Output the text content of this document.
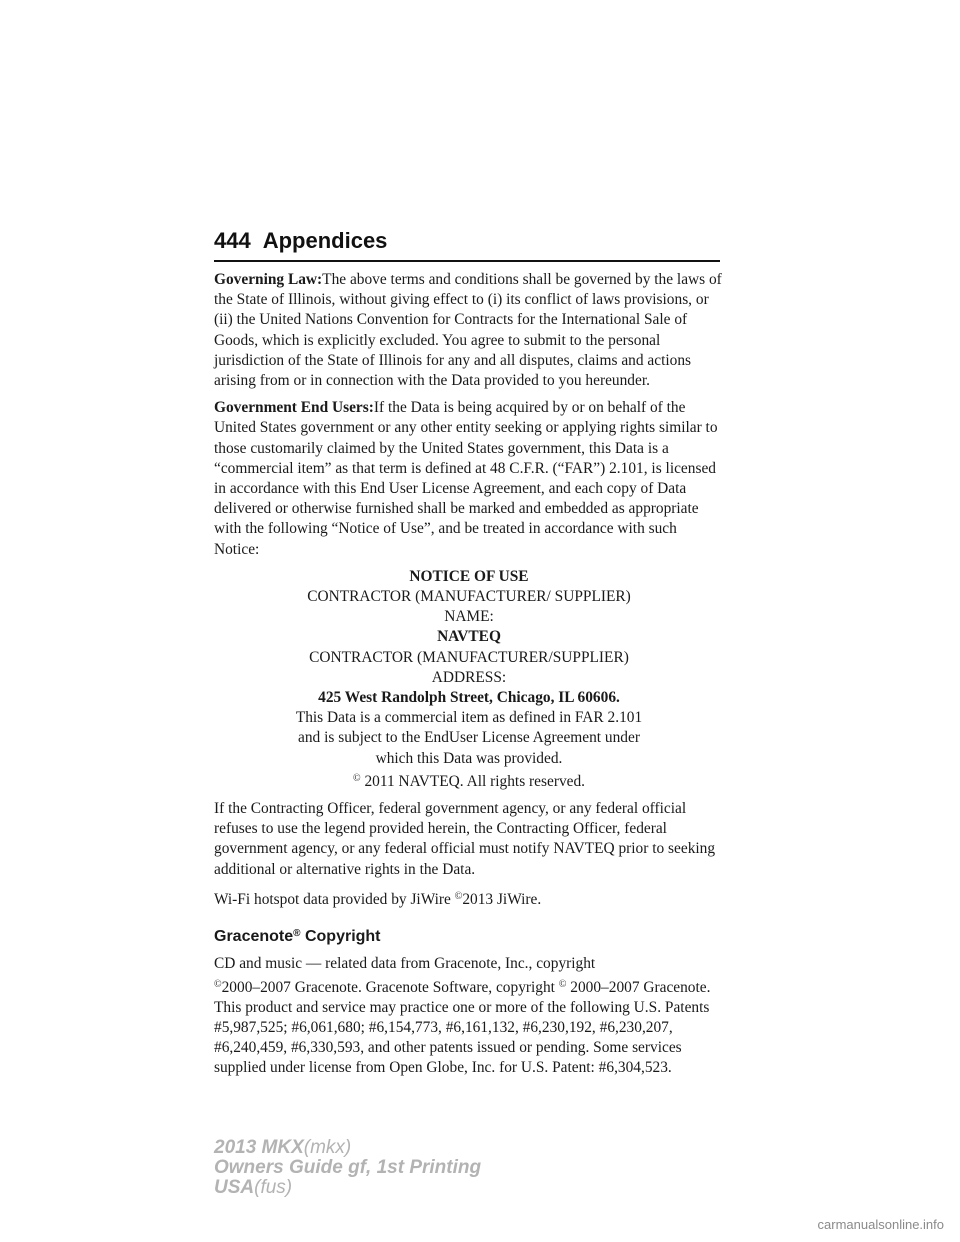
444 Appendices

Governing Law:The above terms and conditions shall be governed by the laws of the State of Illinois, without giving effect to (i) its conflict of laws provisions, or (ii) the United Nations Convention for Contracts for the International Sale of Goods, which is explicitly excluded. You agree to submit to the personal jurisdiction of the State of Illinois for any and all disputes, claims and actions arising from or in connection with the Data provided to you hereunder.

Government End Users:If the Data is being acquired by or on behalf of the United States government or any other entity seeking or applying rights similar to those customarily claimed by the United States government, this Data is a “commercial item” as that term is defined at 48 C.F.R. (“FAR”) 2.101, is licensed in accordance with this End User License Agreement, and each copy of Data delivered or otherwise furnished shall be marked and embedded as appropriate with the following “Notice of Use”, and be treated in accordance with such Notice:

NOTICE OF USE
CONTRACTOR (MANUFACTURER/ SUPPLIER)
NAME:
NAVTEQ
CONTRACTOR (MANUFACTURER/SUPPLIER)
ADDRESS:
425 West Randolph Street, Chicago, IL 60606.
This Data is a commercial item as defined in FAR 2.101
and is subject to the EndUser License Agreement under
which this Data was provided.
© 2011 NAVTEQ. All rights reserved.

If the Contracting Officer, federal government agency, or any federal official refuses to use the legend provided herein, the Contracting Officer, federal government agency, or any federal official must notify NAVTEQ prior to seeking additional or alternative rights in the Data.

Wi-Fi hotspot data provided by JiWire ©2013 JiWire.

Gracenote® Copyright

CD and music — related data from Gracenote, Inc., copyright
©2000–2007 Gracenote. Gracenote Software, copyright © 2000–2007 Gracenote. This product and service may practice one or more of the following U.S. Patents #5,987,525; #6,061,680; #6,154,773, #6,161,132, #6,230,192, #6,230,207, #6,240,459, #6,330,593, and other patents issued or pending. Some services supplied under license from Open Globe, Inc. for U.S. Patent: #6,304,523.

2013 MKX(mkx)
Owners Guide gf, 1st Printing
USA(fus)
carmanualsonline.info
